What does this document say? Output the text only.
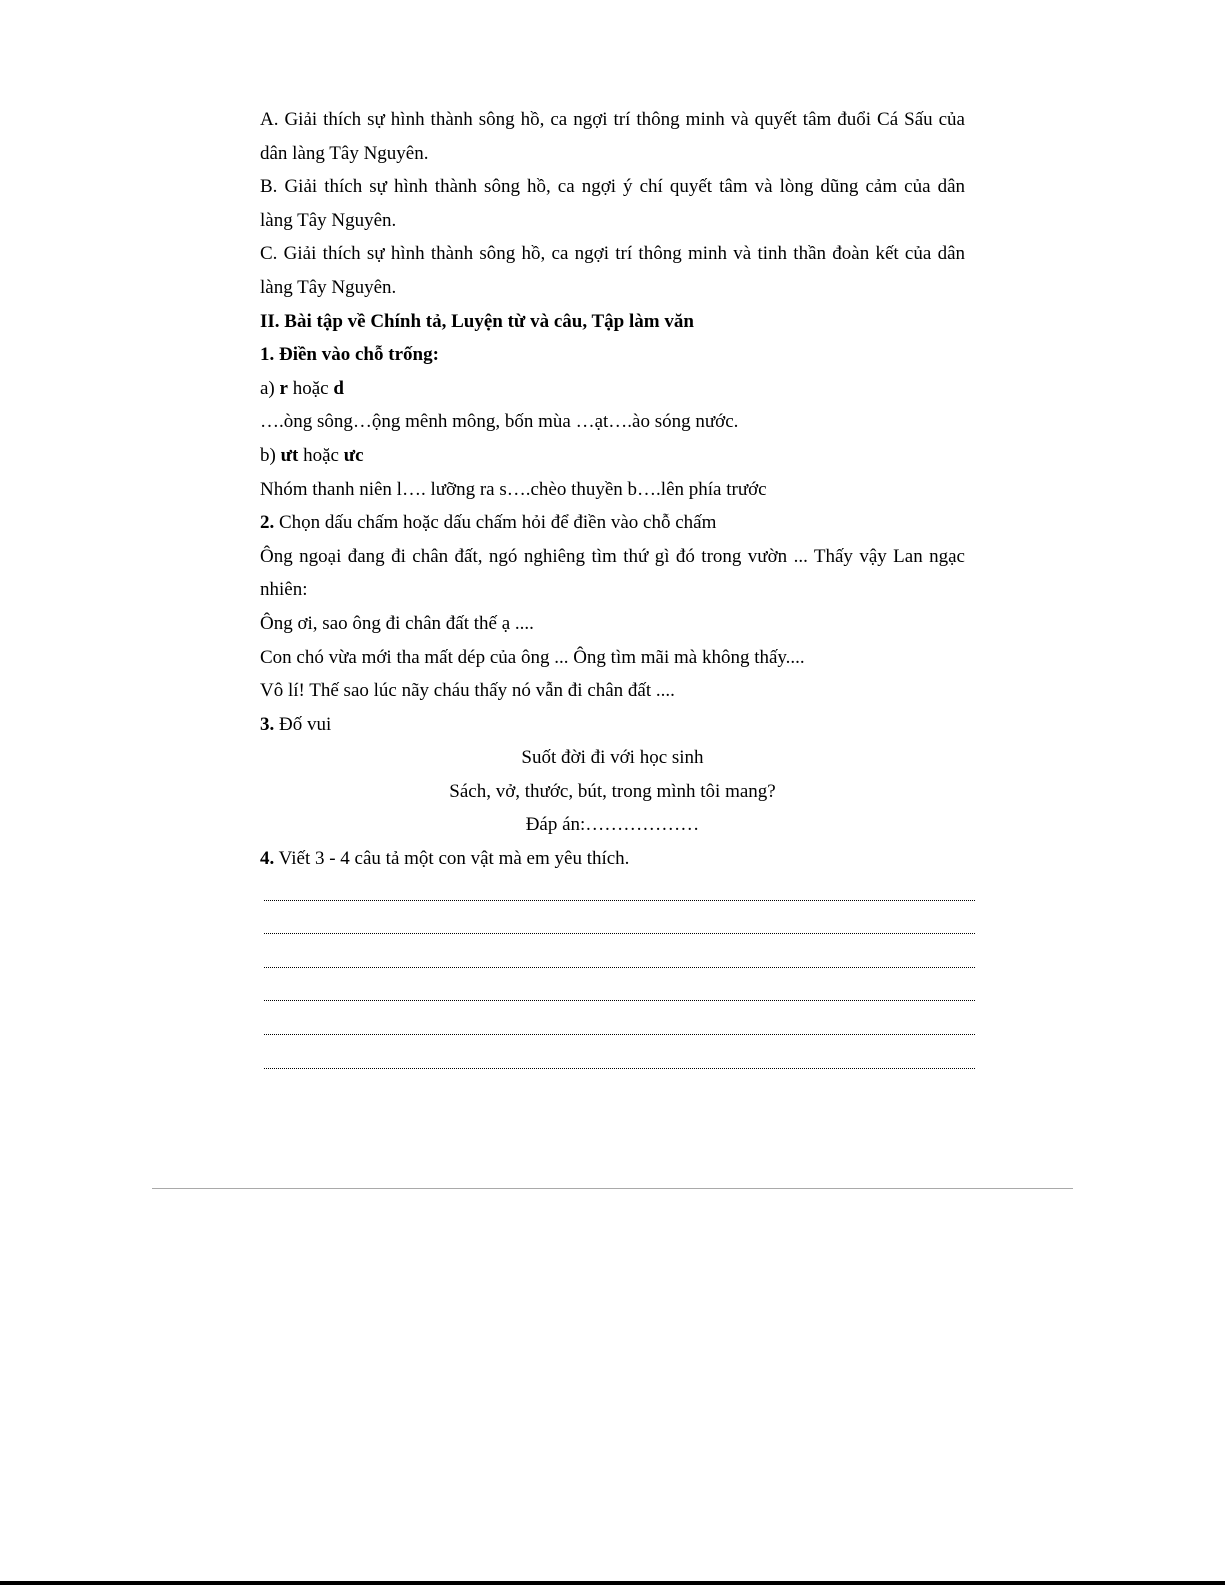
A. Giải thích sự hình thành sông hồ, ca ngợi trí thông minh và quyết tâm đuổi Cá Sấu của

dân làng Tây Nguyên.

B. Giải thích sự hình thành sông hồ, ca ngợi ý chí quyết tâm và lòng dũng cảm của dân

làng Tây Nguyên.

C. Giải thích sự hình thành sông hồ, ca ngợi trí thông minh và tinh thần đoàn kết của dân

làng Tây Nguyên.

II. Bài tập về Chính tả, Luyện từ và câu, Tập làm văn

1. Điền vào chỗ trống:

a) r hoặc d

….òng sông…ộng mênh mông, bốn mùa …ạt….ào sóng nước.

b) ưt hoặc ưc

Nhóm thanh niên l…. lưỡng ra s….chèo thuyền b….lên phía trước

2. Chọn dấu chấm hoặc dấu chấm hỏi để điền vào chỗ chấm

Ông ngoại đang đi chân đất, ngó nghiêng tìm thứ gì đó trong vườn ... Thấy vậy Lan ngạc

nhiên:

Ông ơi, sao ông đi chân đất thế ạ ....

Con chó vừa mới tha mất dép của ông ... Ông tìm mãi mà không thấy....

Vô lí! Thế sao lúc nãy cháu thấy nó vẫn đi chân đất ....

3. Đố vui

Suốt đời đi với học sinh

Sách, vở, thước, bút, trong mình tôi mang?

Đáp án:………………

4. Viết 3 - 4 câu tả một con vật mà em yêu thích.
